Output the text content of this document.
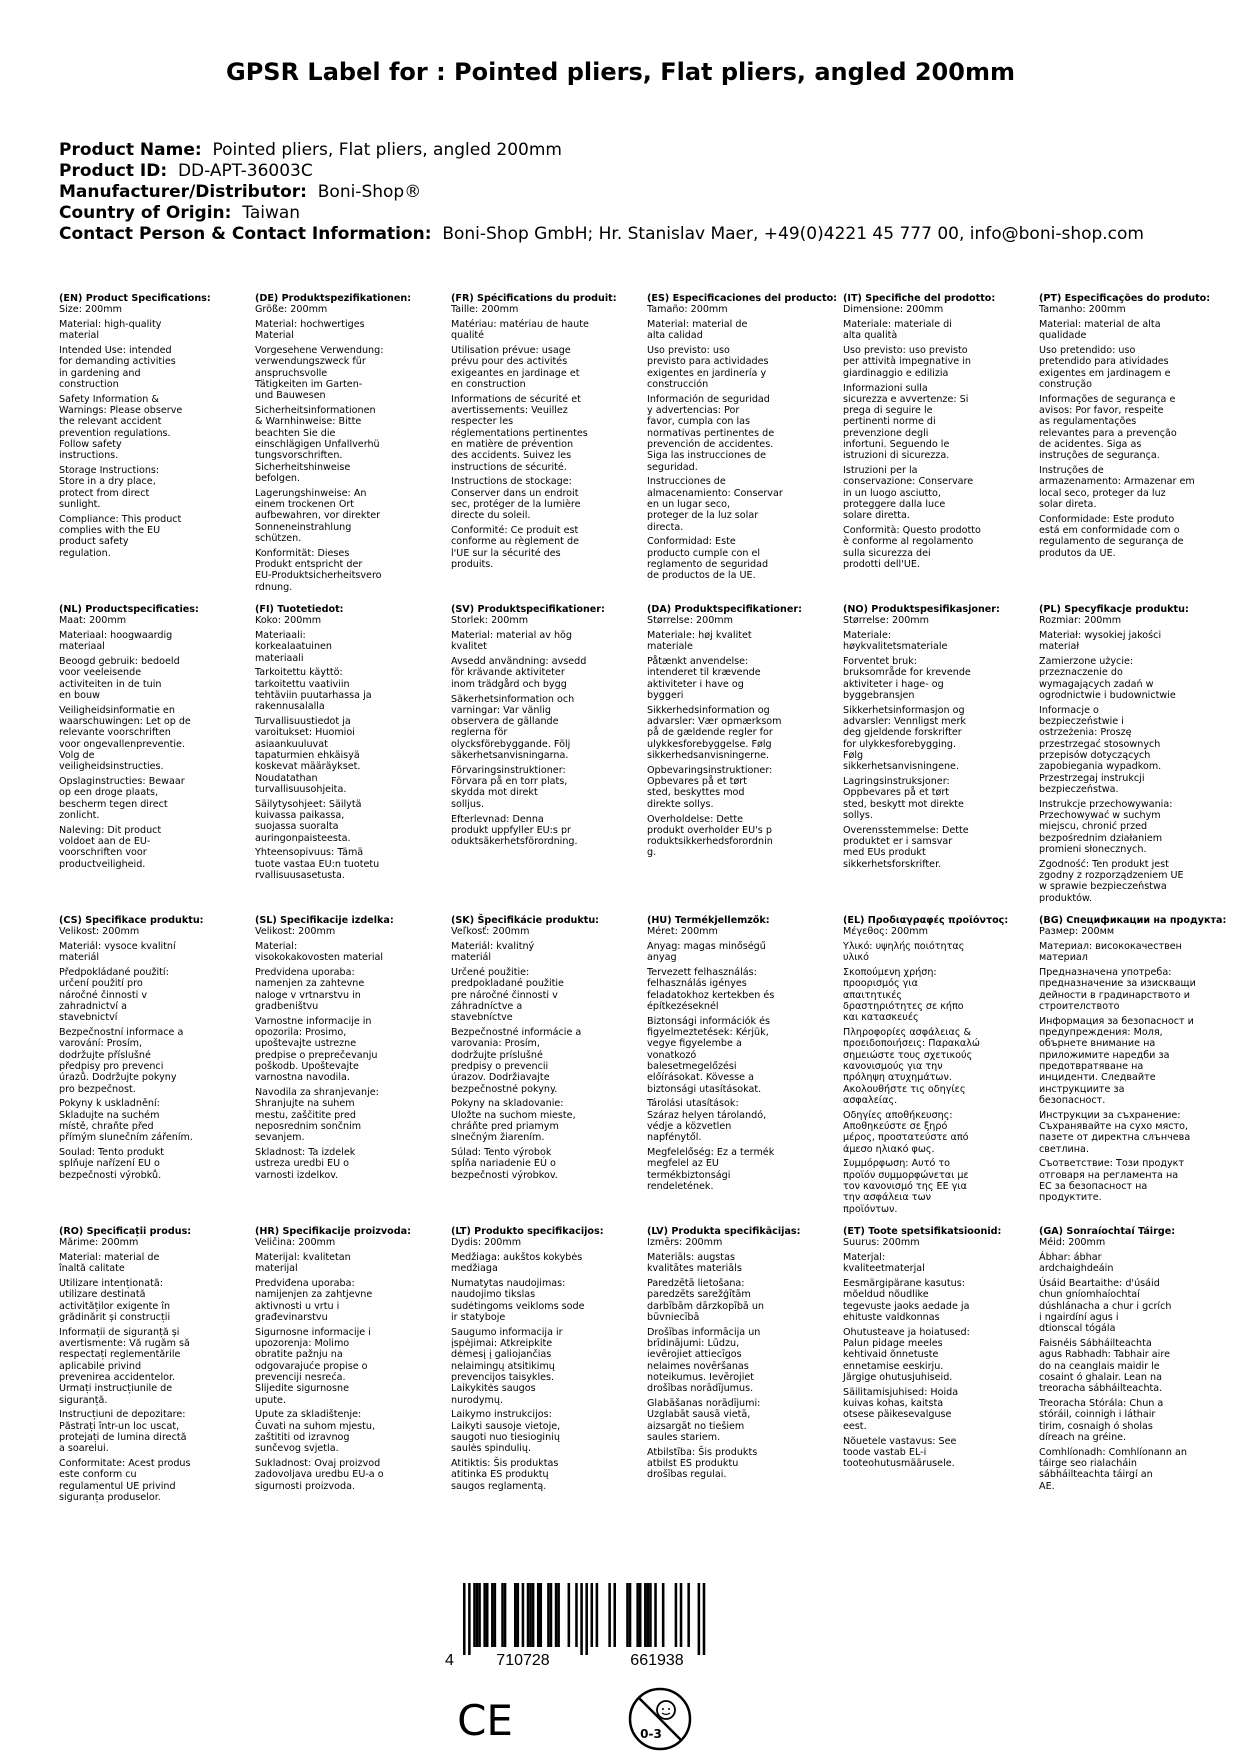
GPSR Label for : Pointed pliers, Flat pliers, angled 200mm
Product Name: Pointed pliers, Flat pliers, angled 200mm
Product ID: DD-APT-36003C
Manufacturer/Distributor: Boni-Shop®
Country of Origin: Taiwan
Contact Person & Contact Information: Boni-Shop GmbH; Hr. Stanislav Maer, +49(0)4221 45 777 00, info@boni-shop.com
(EN) Product Specifications:
Size: 200mm
Material: high-quality
material
Intended Use: intended
for demanding activities
in gardening and
construction
Safety Information &
Warnings: Please observe
the relevant accident
prevention regulations.
Follow safety
instructions.
Storage Instructions:
Store in a dry place,
protect from direct
sunlight.
Compliance: This product
complies with the EU
product safety
regulation.
(DE) Produktspezifikationen:
Größe: 200mm
Material: hochwertiges
Material
Vorgesehene Verwendung:
verwendungszweck für
anspruchsvolle
Tätigkeiten im Garten-
und Bauwesen
Sicherheitsinformationen
& Warnhinweise: Bitte
beachten Sie die
einschlägigen Unfallverhü
tungsvorschriften.
Sicherheitshinweise
befolgen.
Lagerungshinweise: An
einem trockenen Ort
aufbewahren, vor direkter
Sonneneinstrahlung
schützen.
Konformität: Dieses
Produkt entspricht der
EU-Produktsicherheitsvero
rdnung.
(FR) Spécifications du produit:
Taille: 200mm
Matériau: matériau de haute
qualité
Utilisation prévue: usage
prévu pour des activités
exigeantes en jardinage et
en construction
Informations de sécurité et
avertissements: Veuillez
respecter les
réglementations pertinentes
en matière de prévention
des accidents. Suivez les
instructions de sécurité.
Instructions de stockage:
Conserver dans un endroit
sec, protéger de la lumière
directe du soleil.
Conformité: Ce produit est
conforme au règlement de
l'UE sur la sécurité des
produits.
(ES) Especificaciones del producto:
Tamaño: 200mm
Material: material de
alta calidad
Uso previsto: uso
previsto para actividades
exigentes en jardinería y
construcción
Información de seguridad
y advertencias: Por
favor, cumpla con las
normativas pertinentes de
prevención de accidentes.
Siga las instrucciones de
seguridad.
Instrucciones de
almacenamiento: Conservar
en un lugar seco,
proteger de la luz solar
directa.
Conformidad: Este
producto cumple con el
reglamento de seguridad
de productos de la UE.
(IT) Specifiche del prodotto:
Dimensione: 200mm
Materiale: materiale di
alta qualità
Uso previsto: uso previsto
per attività impegnative in
giardinaggio e edilizia
Informazioni sulla
sicurezza e avvertenze: Si
prega di seguire le
pertinenti norme di
prevenzione degli
infortuni. Seguendo le
istruzioni di sicurezza.
Istruzioni per la
conservazione: Conservare
in un luogo asciutto,
proteggere dalla luce
solare diretta.
Conformità: Questo prodotto
è conforme al regolamento
sulla sicurezza dei
prodotti dell'UE.
(PT) Especificações do produto:
Tamanho: 200mm
Material: material de alta
qualidade
Uso pretendido: uso
pretendido para atividades
exigentes em jardinagem e
construção
Informações de segurança e
avisos: Por favor, respeite
as regulamentações
relevantes para a prevenção
de acidentes. Siga as
instruções de segurança.
Instruções de
armazenamento: Armazenar em
local seco, proteger da luz
solar direta.
Conformidade: Este produto
está em conformidade com o
regulamento de segurança de
produtos da UE.
(NL) Productspecificaties:
Maat: 200mm
Materiaal: hoogwaardig
materiaal
Beoogd gebruik: bedoeld
voor veeleisende
activiteiten in de tuin
en bouw
Veiligheidsinformatie en
waarschuwingen: Let op de
relevante voorschriften
voor ongevallenpreventie.
Volg de
veiligheidsinstructies.
Opslaginstructies: Bewaar
op een droge plaats,
bescherm tegen direct
zonlicht.
Naleving: Dit product
voldoet aan de EU-
voorschriften voor
productveiligheid.
(FI) Tuotetiedot:
Koko: 200mm
Materiaali:
korkealaatuinen
materiaali
Tarkoitettu käyttö:
tarkoitettu vaativiin
tehtäviin puutarhassa ja
rakennusalalla
Turvallisuustiedot ja
varoitukset: Huomioi
asiaankuuluvat
tapaturmien ehkäisyä
koskevat määräykset.
Noudatathan
turvallisuusohjeita.
Säilytysohjeet: Säilytä
kuivassa paikassa,
suojassa suoralta
auringonpaisteesta.
Yhteensopivuus: Tämä
tuote vastaa EU:n tuotetu
rvallisuusasetusta.
(SV) Produktspecifikationer:
Storlek: 200mm
Material: material av hög
kvalitet
Avsedd användning: avsedd
för krävande aktiviteter
inom trädgård och bygg
Säkerhetsinformation och
varningar: Var vänlig
observera de gällande
reglerna för
olycksförebyggande. Följ
säkerhetsanvisningarna.
Förvaringsinstruktioner:
Förvara på en torr plats,
skydda mot direkt
solljus.
Efterlevnad: Denna
produkt uppfyller EU:s pr
oduktsäkerhetsförordning.
(DA) Produktspecifikationer:
Størrelse: 200mm
Materiale: høj kvalitet
materiale
Påtænkt anvendelse:
intenderet til krævende
aktiviteter i have og
byggeri
Sikkerhedsinformation og
advarsler: Vær opmærksom
på de gældende regler for
ulykkesforebyggelse. Følg
sikkerhedsanvisningerne.
Opbevaringsinstruktioner:
Opbevares på et tørt
sted, beskyttes mod
direkte sollys.
Overholdelse: Dette
produkt overholder EU's p
roduktsikkerhedsforordnin
g.
(NO) Produktspesifikasjoner:
Størrelse: 200mm
Materiale:
høykvalitetsmateriale
Forventet bruk:
bruksområde for krevende
aktiviteter i hage- og
byggebransjen
Sikkerhetsinformasjon og
advarsler: Vennligst merk
deg gjeldende forskrifter
for ulykkesforebygging.
Følg
sikkerhetsanvisningene.
Lagringsinstruksjoner:
Oppbevares på et tørt
sted, beskytt mot direkte
sollys.
Overensstemmelse: Dette
produktet er i samsvar
med EUs produkt
sikkerhetsforskrifter.
(PL) Specyfikacje produktu:
Rozmiar: 200mm
Materiał: wysokiej jakości
materiał
Zamierzone użycie:
przeznaczenie do
wymagających zadań w
ogrodnictwie i budownictwie
Informacje o
bezpieczeństwie i
ostrzeżenia: Proszę
przestrzegać stosownych
przepisów dotyczących
zapobiegania wypadkom.
Przestrzegaj instrukcji
bezpieczeństwa.
Instrukcje przechowywania:
Przechowywać w suchym
miejscu, chronić przed
bezpośrednim działaniem
promieni słonecznych.
Zgodność: Ten produkt jest
zgodny z rozporządzeniem UE
w sprawie bezpieczeństwa
produktów.
(CS) Specifikace produktu:
Velikost: 200mm
Materiál: vysoce kvalitní
materiál
Předpokládané použití:
určení použití pro
náročné činnosti v
zahradnictví a
stavebnictví
Bezpečnostní informace a
varování: Prosím,
dodržujte příslušné
předpisy pro prevenci
úrazů. Dodržujte pokyny
pro bezpečnost.
Pokyny k uskladnění:
Skladujte na suchém
místě, chraňte před
přímým slunečním zářením.
Soulad: Tento produkt
splňuje nařízení EU o
bezpečnosti výrobků.
(SL) Specifikacije izdelka:
Velikost: 200mm
Material:
visokokakovosten material
Predvidena uporaba:
namenjen za zahtevne
naloge v vrtnarstvu in
gradbeništvu
Varnostne informacije in
opozorila: Prosimo,
upoštevajte ustrezne
predpise o preprečevanju
poškodb. Upoštevajte
varnostna navodila.
Navodila za shranjevanje:
Shranjujte na suhem
mestu, zaščitite pred
neposrednim sončnim
sevanjem.
Skladnost: Ta izdelek
ustreza uredbi EU o
varnosti izdelkov.
(SK) Špecifikácie produktu:
Veľkosť: 200mm
Materiál: kvalitný
materiál
Určené použitie:
predpokladané použitie
pre náročné činnosti v
záhradníctve a
stavebníctve
Bezpečnostné informácie a
varovania: Prosím,
dodržujte príslušné
predpisy o prevencii
úrazov. Dodržiavajte
bezpečnostné pokyny.
Pokyny na skladovanie:
Uložte na suchom mieste,
chráňte pred priamym
slnečným žiarením.
Súlad: Tento výrobok
spĺňa nariadenie EÚ o
bezpečnosti výrobkov.
(HU) Termékjellemzők:
Méret: 200mm
Anyag: magas minőségű
anyag
Tervezett felhasználás:
felhasználás igényes
feladatokhoz kertekben és
építkezéseknél
Biztonsági információk és
figyelmeztetések: Kérjük,
vegye figyelembe a
vonatkozó
balesetmegelőzési
előírásokat. Kövesse a
biztonsági utasításokat.
Tárolási utasítások:
Száraz helyen tárolandó,
védje a közvetlen
napfénytől.
Megfelelőség: Ez a termék
megfelel az EU
termékbiztonsági
rendeletének.
(EL) Προδιαγραφές προϊόντος:
Μέγεθος: 200mm
Υλικό: υψηλής ποιότητας
υλικό
Σκοπούμενη χρήση:
προορισμός για
απαιτητικές
δραστηριότητες σε κήπο
και κατασκευές
Πληροφορίες ασφάλειας &
προειδοποιήσεις: Παρακαλώ
σημειώστε τους σχετικούς
κανονισμούς για την
πρόληψη ατυχημάτων.
Ακολουθήστε τις οδηγίες
ασφαλείας.
Οδηγίες αποθήκευσης:
Αποθηκεύστε σε ξηρό
μέρος, προστατεύστε από
άμεσο ηλιακό φως.
Συμμόρφωση: Αυτό το
προϊόν συμμορφώνεται με
τον κανονισμό της ΕΕ για
την ασφάλεια των
προϊόντων.
(BG) Спецификации на продукта:
Размер: 200мм
Материал: висококачествен
материал
Предназначена употреба:
предназначение за изискващи
дейности в градинарството и
строителството
Информация за безопасност и
предупреждения: Моля,
обърнете внимание на
приложимите наредби за
предотвратяване на
инциденти. Следвайте
инструкциите за
безопасност.
Инструкции за съхранение:
Съхранявайте на сухо място,
пазете от директна слънчева
светлина.
Съответствие: Този продукт
отговаря на регламента на
ЕС за безопасност на
продуктите.
(RO) Specificații produs:
Mărime: 200mm
Material: material de
înaltă calitate
Utilizare intenționată:
utilizare destinată
activităților exigente în
grădinărit și construcții
Informații de siguranță și
avertismente: Vă rugăm să
respectați reglementările
aplicabile privind
prevenirea accidentelor.
Urmați instrucțiunile de
siguranță.
Instrucțiuni de depozitare:
Păstrați într-un loc uscat,
protejați de lumina directă
a soarelui.
Conformitate: Acest produs
este conform cu
regulamentul UE privind
siguranța produselor.
(HR) Specifikacije proizvoda:
Veličina: 200mm
Materijal: kvalitetan
materijal
Predviđena uporaba:
namijenjen za zahtjevne
aktivnosti u vrtu i
građevinarstvu
Sigurnosne informacije i
upozorenja: Molimo
obratite pažnju na
odgovarajuće propise o
prevenciji nesreća.
Slijedite sigurnosne
upute.
Upute za skladištenje:
Čuvati na suhom mjestu,
zaštititi od izravnog
sunčevog svjetla.
Sukladnost: Ovaj proizvod
zadovoljava uredbu EU-a o
sigurnosti proizvoda.
(LT) Produkto specifikacijos:
Dydis: 200mm
Medžiaga: aukštos kokybės
medžiaga
Numatytas naudojimas:
naudojimo tikslas
sudėtingoms veikloms sode
ir statyboje
Saugumo informacija ir
įspėjimai: Atkreipkite
dėmesį į galiojančias
nelaimingų atsitikimų
prevencijos taisykles.
Laikykitės saugos
nurodymų.
Laikymo instrukcijos:
Laikyti sausoje vietoje,
saugoti nuo tiesioginių
saulės spindulių.
Atitiktis: Šis produktas
atitinka ES produktų
saugos reglamentą.
(LV) Produkta specifikācijas:
Izmērs: 200mm
Materiāls: augstas
kvalitātes materiāls
Paredzētā lietošana:
paredzēts sarežģītām
darbībām dārzkopībā un
būvniecībā
Drošības informācija un
brīdinājumi: Lūdzu,
ievērojiet attiecīgos
nelaimes novēršanas
noteikumus. Ievērojiet
drošības norādījumus.
Glabāšanas norādījumi:
Uzglabāt sausā vietā,
aizsargāt no tiešiem
saules stariem.
Atbilstība: Šis produkts
atbilst ES produktu
drošības regulai.
(ET) Toote spetsifikatsioonid:
Suurus: 200mm
Materjal:
kvaliteetmaterjal
Eesmärgipärane kasutus:
mõeldud nõudlike
tegevuste jaoks aedade ja
ehituste valdkonnas
Ohutusteave ja hoiatused:
Palun pidage meeles
kehtivaid õnnetuste
ennetamise eeskirju.
Järgige ohutusjuhiseid.
Säilitamisjuhised: Hoida
kuivas kohas, kaitsta
otsese päikesevalguse
eest.
Nõuetele vastavus: See
toode vastab EL-i
tooteohutusmäärusele.
(GA) Sonraíochtaí Táirge:
Méid: 200mm
Ábhar: ábhar
ardchaighdeáin
Úsáid Beartaithe: d'úsáid
chun gníomhaíochtaí
dúshlánacha a chur i gcrích
i ngairdíní agus i
dtionscal tógála
Faisnéis Sábháilteachta
agus Rabhadh: Tabhair aire
do na ceanglais maidir le
cosaint ó ghalair. Lean na
treoracha sábháilteachta.
Treoracha Stórála: Chun a
stóráil, coinnigh i láthair
tirim, cosnaigh ó sholas
díreach na gréine.
Comhlíonadh: Comhlíonann an
táirge seo rialacháin
sábháilteachta táirgí an
AE.
4	710728	661938
CE	0-3
